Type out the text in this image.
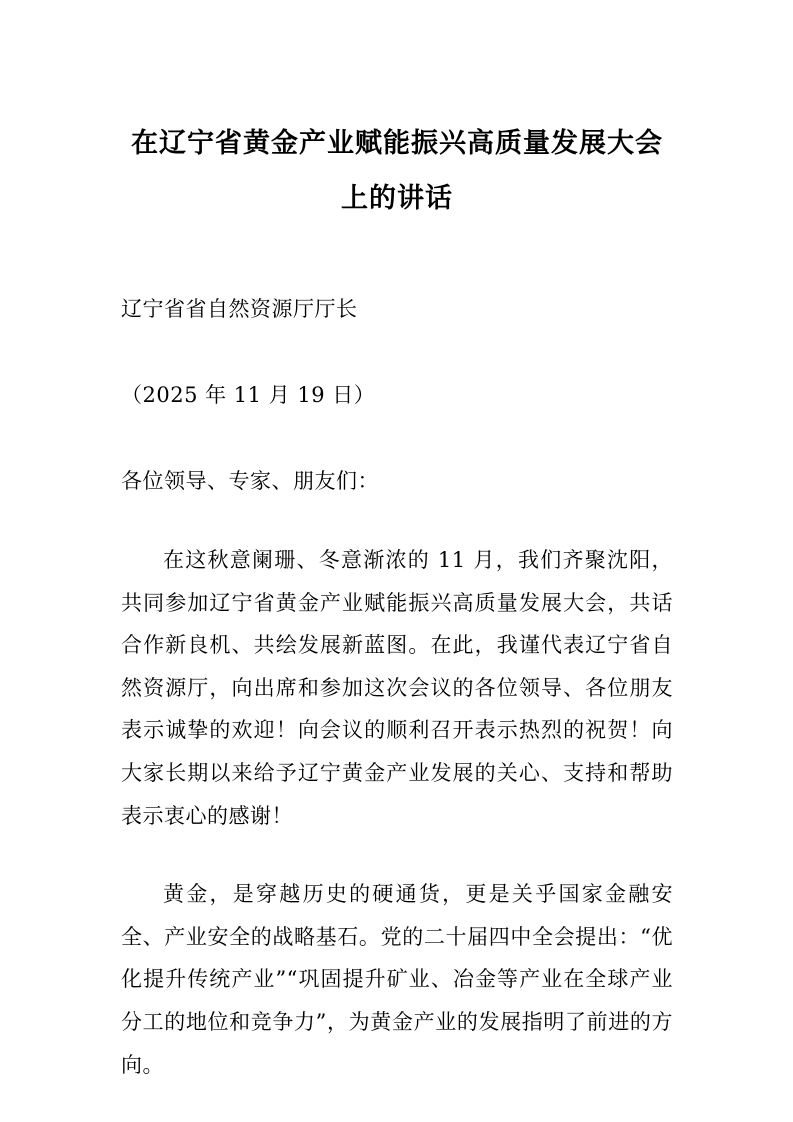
在辽宁省黄金产业赋能振兴高质量发展大会上的讲话

辽宁省省自然资源厅厅长

（2025 年 11 月 19 日）

各位领导、专家、朋友们：

在这秋意阑珊、冬意渐浓的 11 月，我们齐聚沈阳，共同参加辽宁省黄金产业赋能振兴高质量发展大会，共话合作新良机、共绘发展新蓝图。在此，我谨代表辽宁省自然资源厅，向出席和参加这次会议的各位领导、各位朋友表示诚挚的欢迎！向会议的顺利召开表示热烈的祝贺！向大家长期以来给予辽宁黄金产业发展的关心、支持和帮助表示衷心的感谢！

黄金，是穿越历史的硬通货，更是关乎国家金融安全、产业安全的战略基石。党的二十届四中全会提出：“优化提升传统产业”“巩固提升矿业、冶金等产业在全球产业分工的地位和竞争力”，为黄金产业的发展指明了前进的方向。
